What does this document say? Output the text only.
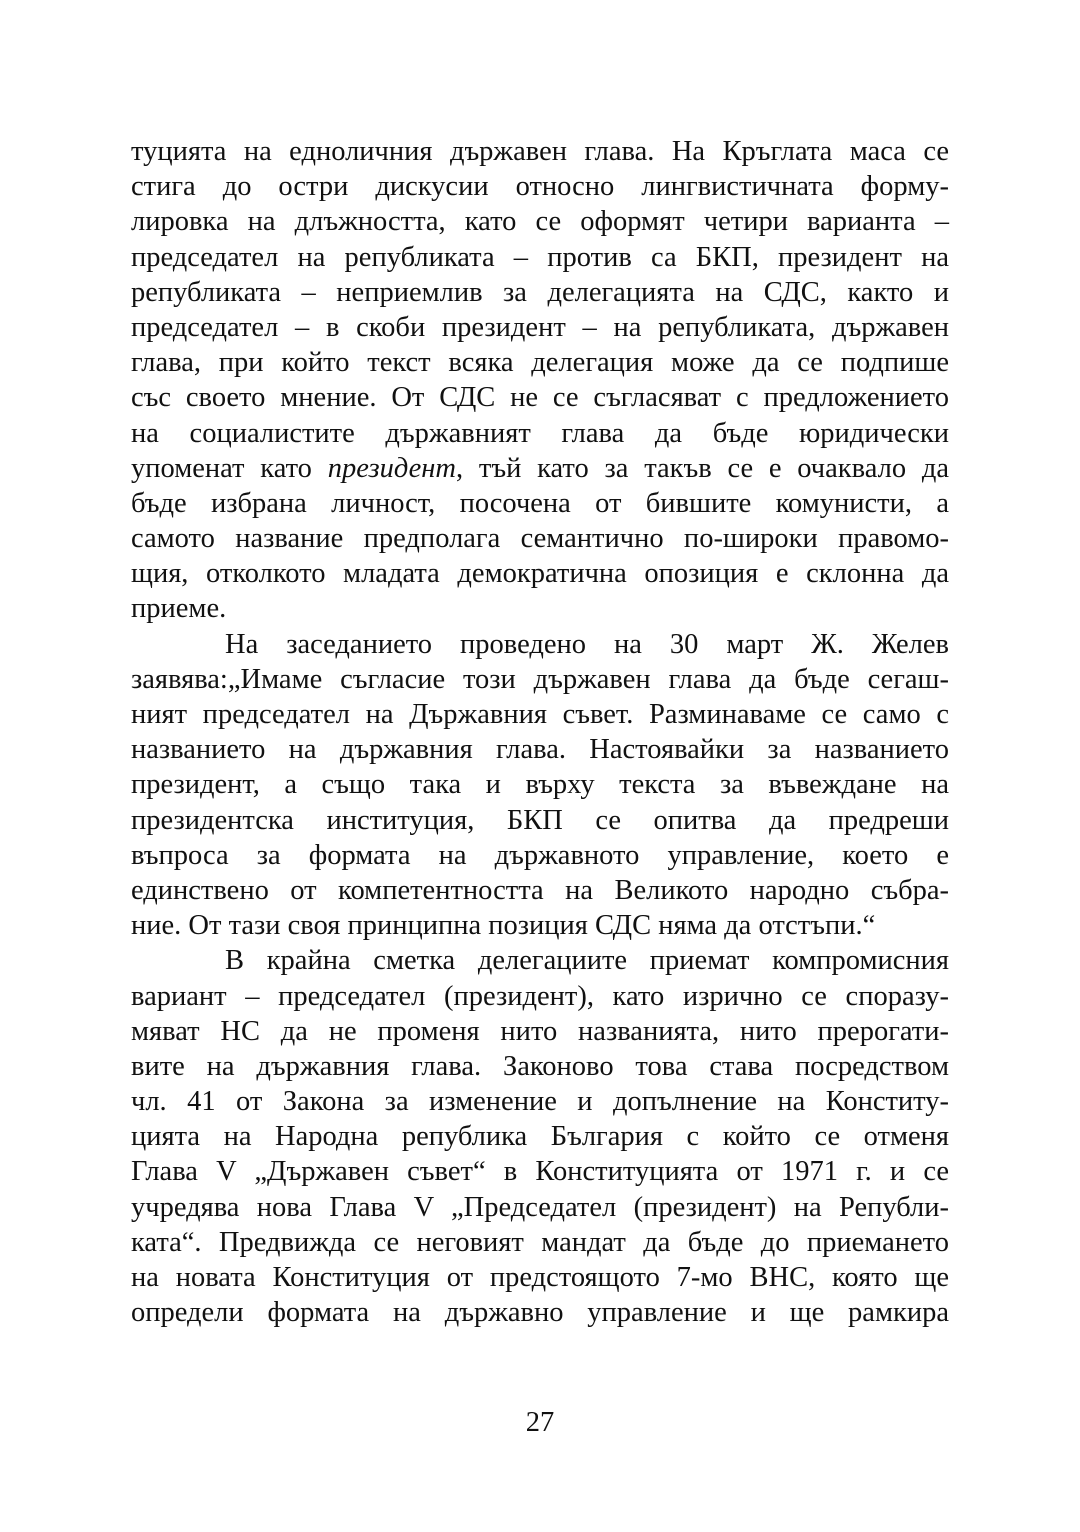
туцията на едноличния държавен глава. На Кръглата маса се
стига до остри дискусии относно лингвистичната форму-
лировка на длъжността, като се оформят четири варианта –
председател на републиката – против са БКП, президент на
републиката – неприемлив за делегацията на СДС, както и
председател – в скоби президент – на републиката, държавен
глава, при който текст всяка делегация може да се подпише
със своето мнение. От СДС не се съгласяват с предложението
на социалистите държавният глава да бъде юридически
упоменат като президент, тъй като за такъв се е очаквало да
бъде избрана личност, посочена от бившите комунисти, а
самото название предполага семантично по-широки правомо-
щия, отколкото младата демократична опозиция е склонна да
приеме.
На заседанието проведено на 30 март Ж. Желев
заявява:„Имаме съгласие този държавен глава да бъде сегаш-
ният председател на Държавния съвет. Разминаваме се само с
названието на държавния глава. Настоявайки за названието
президент, а също така и върху текста за въвеждане на
президентска институция, БКП се опитва да предреши
въпроса за формата на държавното управление, което е
единствено от компетентността на Великото народно събра-
ние. От тази своя принципна позиция СДС няма да отстъпи.“
В крайна сметка делегациите приемат компромисния
вариант – председател (президент), като изрично се споразу-
мяват НС да не променя нито названията, нито прерогати-
вите на държавния глава. Законово това става посредством
чл. 41 от Закона за изменение и допълнение на Конститу-
цията на Народна република България с който се отменя
Глава V „Държавен съвет“ в Конституцията от 1971 г. и се
учредява нова Глава V „Председател (президент) на Републи-
ката“. Предвижда се неговият мандат да бъде до приемането
на новата Конституция от предстоящото 7-мо ВНС, която ще
определи формата на държавно управление и ще рамкира
27
